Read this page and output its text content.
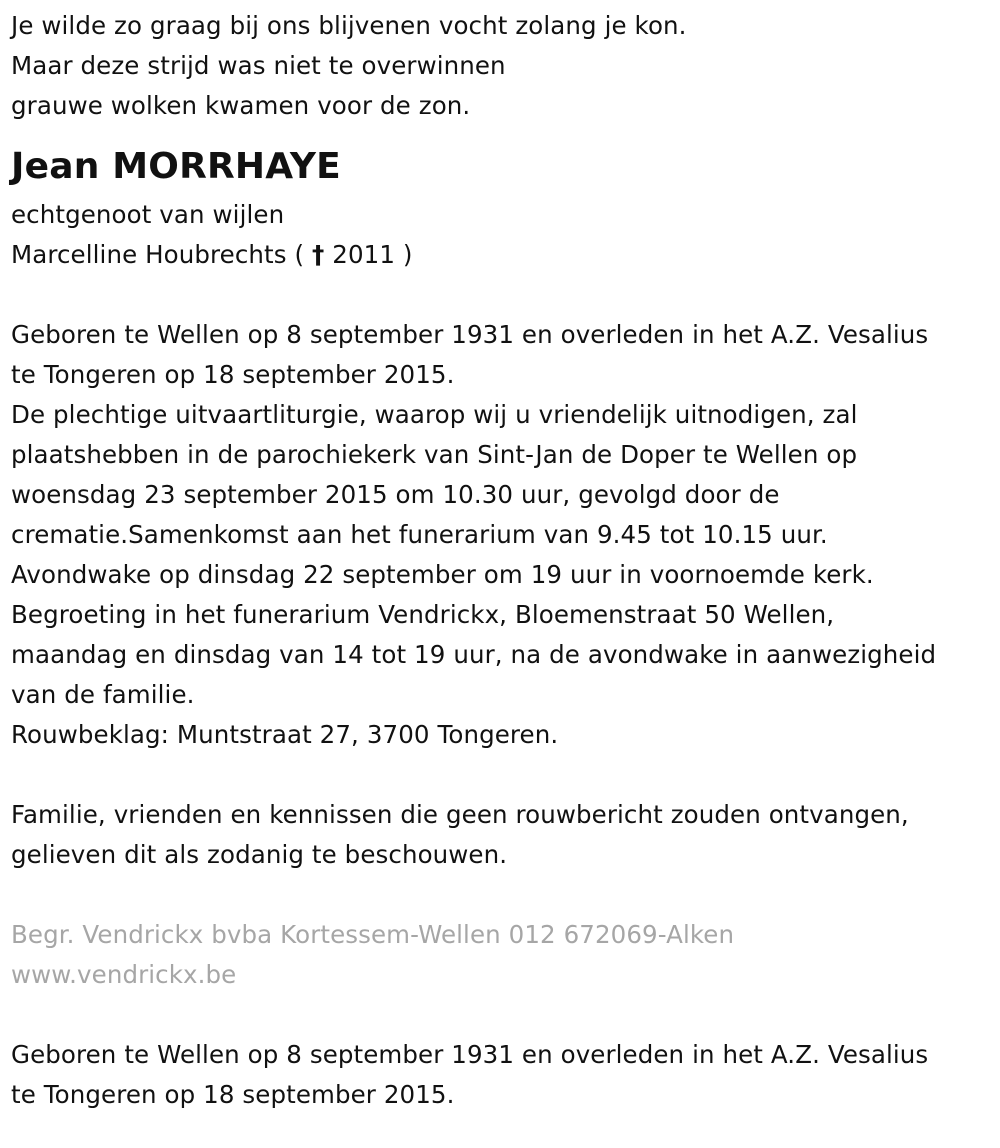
Je wilde zo graag bij ons blijvenen vocht zolang je kon.
Maar deze strijd was niet te overwinnen
grauwe wolken kwamen voor de zon.
Jean MORRHAYE
echtgenoot van wijlen
Marcelline Houbrechts ( † 2011 )
Geboren te Wellen op 8 september 1931 en overleden in het A.Z. Vesalius
te Tongeren op 18 september 2015.
De plechtige uitvaartliturgie, waarop wij u vriendelijk uitnodigen, zal
plaatshebben in de parochiekerk van Sint-Jan de Doper te Wellen op
woensdag 23 september 2015 om 10.30 uur, gevolgd door de
crematie.Samenkomst aan het funerarium van 9.45 tot 10.15 uur.
Avondwake op dinsdag 22 september om 19 uur in voornoemde kerk.
Begroeting in het funerarium Vendrickx, Bloemenstraat 50 Wellen,
maandag en dinsdag van 14 tot 19 uur, na de avondwake in aanwezigheid
van de familie.
Rouwbeklag: Muntstraat 27, 3700 Tongeren.
Familie, vrienden en kennissen die geen rouwbericht zouden ontvangen,
gelieven dit als zodanig te beschouwen.
Begr. Vendrickx bvba Kortessem-Wellen 012 672069-Alken
www.vendrickx.be
Geboren te Wellen op 8 september 1931 en overleden in het A.Z. Vesalius
te Tongeren op 18 september 2015.
